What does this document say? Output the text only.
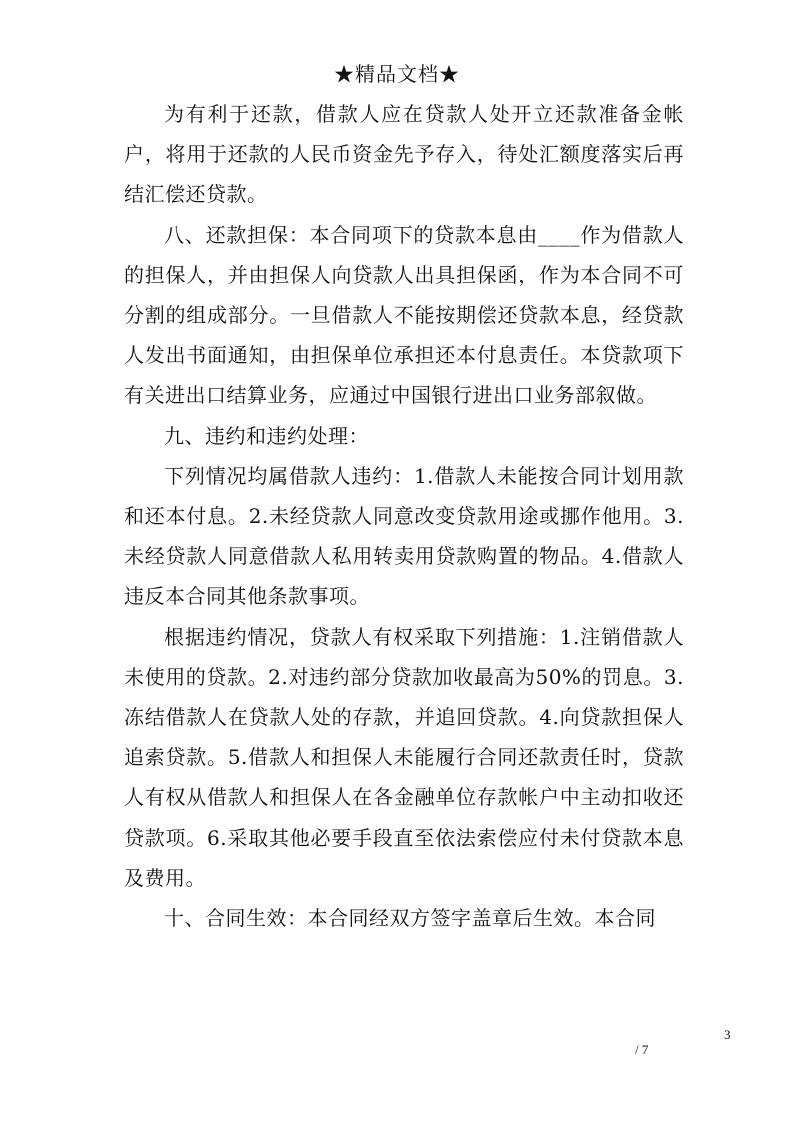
★精品文档★

为有利于还款，借款人应在贷款人处开立还款准备金帐户，将用于还款的人民币资金先予存入，待处汇额度落实后再结汇偿还贷款。

八、还款担保：本合同项下的贷款本息由____作为借款人的担保人，并由担保人向贷款人出具担保函，作为本合同不可分割的组成部分。一旦借款人不能按期偿还贷款本息，经贷款人发出书面通知，由担保单位承担还本付息责任。本贷款项下有关进出口结算业务，应通过中国银行进出口业务部叙做。

九、违约和违约处理：

下列情况均属借款人违约：1.借款人未能按合同计划用款和还本付息。2.未经贷款人同意改变贷款用途或挪作他用。3.未经贷款人同意借款人私用转卖用贷款购置的物品。4.借款人违反本合同其他条款事项。

根据违约情况，贷款人有权采取下列措施：1.注销借款人未使用的贷款。2.对违约部分贷款加收最高为50%的罚息。3.冻结借款人在贷款人处的存款，并追回贷款。4.向贷款担保人追索贷款。5.借款人和担保人未能履行合同还款责任时，贷款人有权从借款人和担保人在各金融单位存款帐户中主动扣收还贷款项。6.采取其他必要手段直至依法索偿应付未付贷款本息及费用。

十、合同生效：本合同经双方签字盖章后生效。本合同

3
/ 7
